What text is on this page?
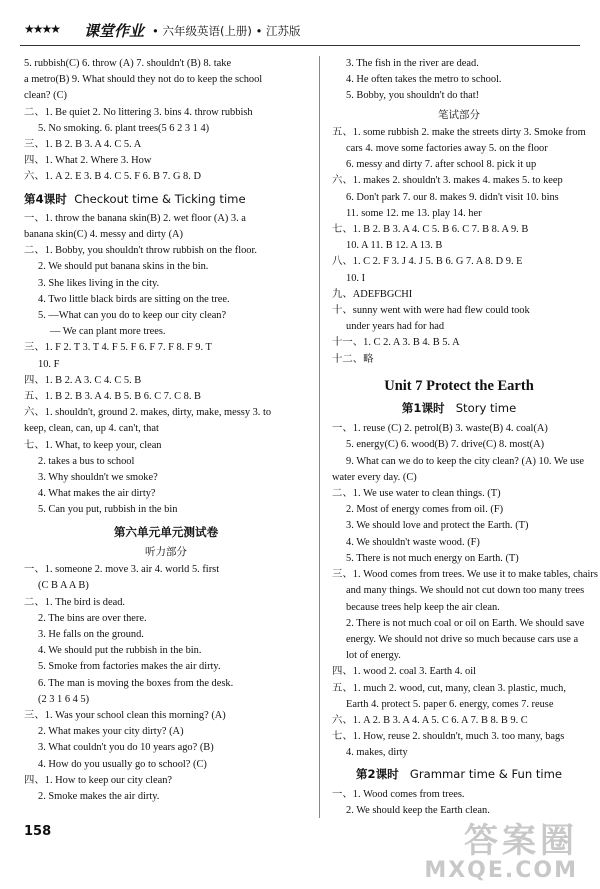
★★★★ 课堂作业 • 六年级英语(上册) • 江苏版
5. rubbish(C) 6. throw (A) 7. shouldn't (B) 8. take
a metro(B) 9. What should they not do to keep the school
clean? (C)
二、1. Be quiet 2. No littering 3. bins 4. throw rubbish
5. No smoking. 6. plant trees(5 6 2 3 1 4)
三、1. B 2. B 3. A 4. C 5. A
四、1. What 2. Where 3. How
六、1. A 2. E 3. B 4. C 5. F 6. B 7. G 8. D
第4课时 Checkout time & Ticking time
一、1. throw the banana skin(B) 2. wet floor (A) 3. a
banana skin(C) 4. messy and dirty (A)
二、1. Bobby, you shouldn't throw rubbish on the floor.
2. We should put banana skins in the bin.
3. She likes living in the city.
4. Two little black birds are sitting on the tree.
5. —What can you do to keep our city clean?
— We can plant more trees.
三、1. F 2. T 3. T 4. F 5. F 6. F 7. F 8. F 9. T
10. F
四、1. B 2. A 3. C 4. C 5. B
五、1. B 2. B 3. A 4. B 5. B 6. C 7. C 8. B
六、1. shouldn't, ground 2. makes, dirty, make, messy 3. to
keep, clean, can, up 4. can't, that
七、1. What, to keep your, clean
2. takes a bus to school
3. Why shouldn't we smoke?
4. What makes the air dirty?
5. Can you put, rubbish in the bin
第六单元单元测试卷
听力部分
一、1. someone 2. move 3. air 4. world 5. first
(C B A A B)
二、1. The bird is dead.
2. The bins are over there.
3. He falls on the ground.
4. We should put the rubbish in the bin.
5. Smoke from factories makes the air dirty.
6. The man is moving the boxes from the desk.
(2 3 1 6 4 5)
三、1. Was your school clean this morning? (A)
2. What makes your city dirty? (A)
3. What couldn't you do 10 years ago? (B)
4. How do you usually go to school? (C)
四、1. How to keep our city clean?
2. Smoke makes the air dirty.
3. The fish in the river are dead.
4. He often takes the metro to school.
5. Bobby, you shouldn't do that!
笔试部分
五、1. some rubbish 2. make the streets dirty 3. Smoke from
cars 4. move some factories away 5. on the floor
6. messy and dirty 7. after school 8. pick it up
六、1. makes 2. shouldn't 3. makes 4. makes 5. to keep
6. Don't park 7. our 8. makes 9. didn't visit 10. bins
11. some 12. me 13. play 14. her
七、1. B 2. B 3. A 4. C 5. B 6. C 7. B 8. A 9. B
10. A 11. B 12. A 13. B
八、1. C 2. F 3. J 4. J 5. B 6. G 7. A 8. D 9. E
10. I
九、ADEFBGCHI
十、sunny went with were had flew could took
under years had for had
十一、1. C 2. A 3. B 4. B 5. A
十二、略
Unit 7 Protect the Earth
第1课时 Story time
一、1. reuse (C) 2. petrol(B) 3. waste(B) 4. coal(A)
5. energy(C) 6. wood(B) 7. drive(C) 8. most(A)
9. What can we do to keep the city clean? (A) 10. We use
water every day. (C)
二、1. We use water to clean things. (T)
2. Most of energy comes from oil. (F)
3. We should love and protect the Earth. (T)
4. We shouldn't waste wood. (F)
5. There is not much energy on Earth. (T)
三、1. Wood comes from trees. We use it to make tables, chairs
and many things. We should not cut down too many trees
because trees help keep the air clean.
2. There is not much coal or oil on Earth. We should save
energy. We should not drive so much because cars use a
lot of energy.
四、1. wood 2. coal 3. Earth 4. oil
五、1. much 2. wood, cut, many, clean 3. plastic, much,
Earth 4. protect 5. paper 6. energy, comes 7. reuse
六、1. A 2. B 3. A 4. A 5. C 6. A 7. B 8. B 9. C
七、1. How, reuse 2. shouldn't, much 3. too many, bags
4. makes, dirty
第2课时 Grammar time & Fun time
一、1. Wood comes from trees.
2. We should keep the Earth clean.
158	答案圈
MXQE.COM
